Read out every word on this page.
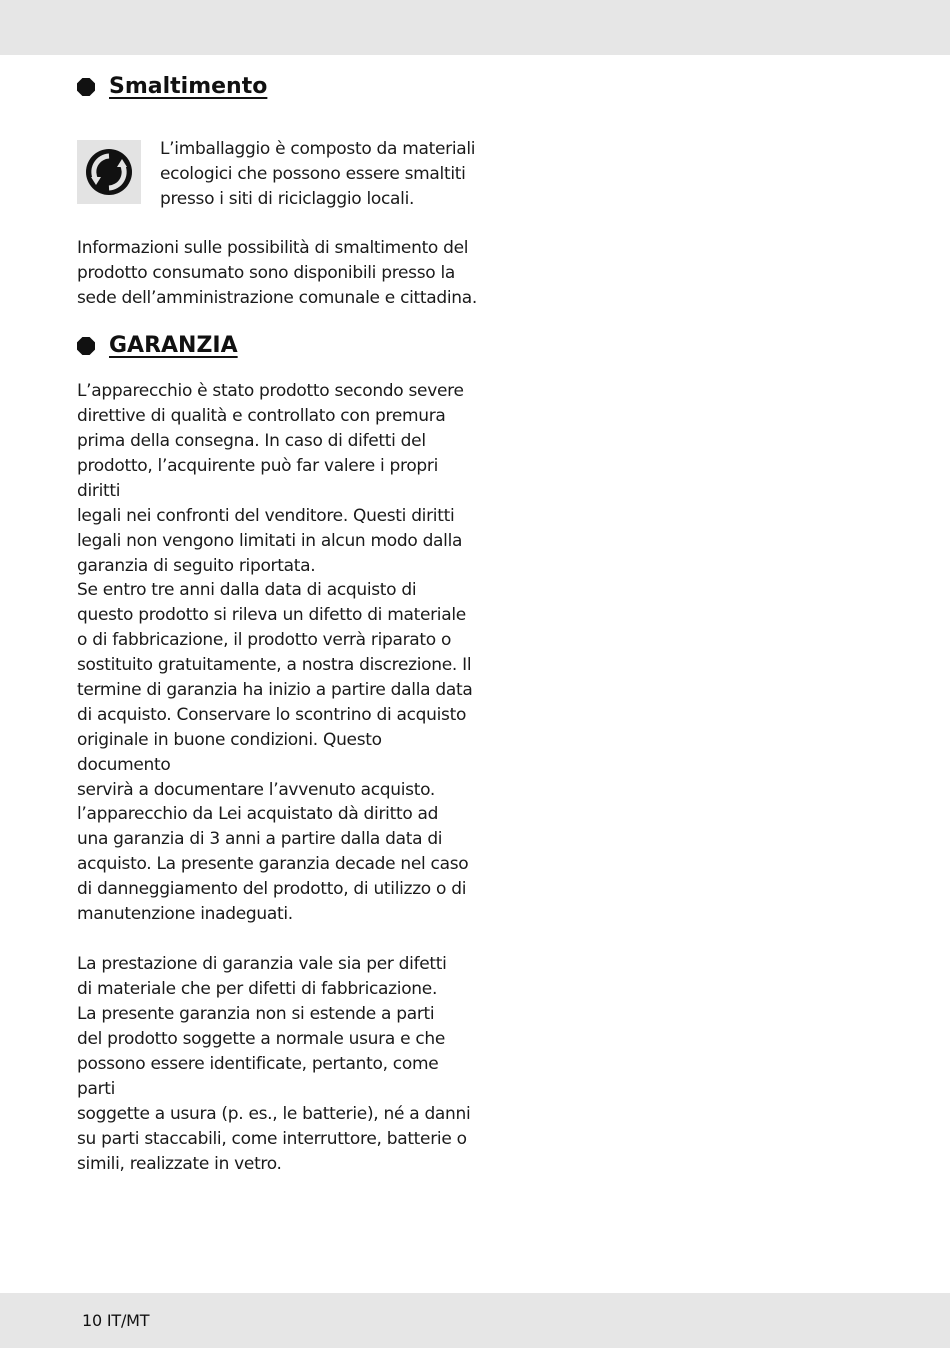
Smaltimento

L’imballaggio è composto da materiali
ecologici che possono essere smaltiti
presso i siti di riciclaggio locali.

Informazioni sulle possibilità di smaltimento del
prodotto consumato sono disponibili presso la
sede dell’amministrazione comunale e cittadina.

GARANZIA

L’apparecchio è stato prodotto secondo severe
direttive di qualità e controllato con premura
prima della consegna. In caso di difetti del
prodotto, l’acquirente può far valere i propri diritti
legali nei confronti del venditore. Questi diritti
legali non vengono limitati in alcun modo dalla
garanzia di seguito riportata.

Se entro tre anni dalla data di acquisto di
questo prodotto si rileva un difetto di materiale
o di fabbricazione, il prodotto verrà riparato o
sostituito gratuitamente, a nostra discrezione. Il
termine di garanzia ha inizio a partire dalla data
di acquisto. Conservare lo scontrino di acquisto
originale in buone condizioni. Questo documento
servirà a documentare l’avvenuto acquisto.

l’apparecchio da Lei acquistato dà diritto ad
una garanzia di 3 anni a partire dalla data di
acquisto. La presente garanzia decade nel caso
di danneggiamento del prodotto, di utilizzo o di
manutenzione inadeguati.

La prestazione di garanzia vale sia per difetti
di materiale che per difetti di fabbricazione.
La presente garanzia non si estende a parti
del prodotto soggette a normale usura e che
possono essere identificate, pertanto, come parti
soggette a usura (p. es., le batterie), né a danni
su parti staccabili, come interruttore, batterie o
simili, realizzate in vetro.

10 IT/MT
